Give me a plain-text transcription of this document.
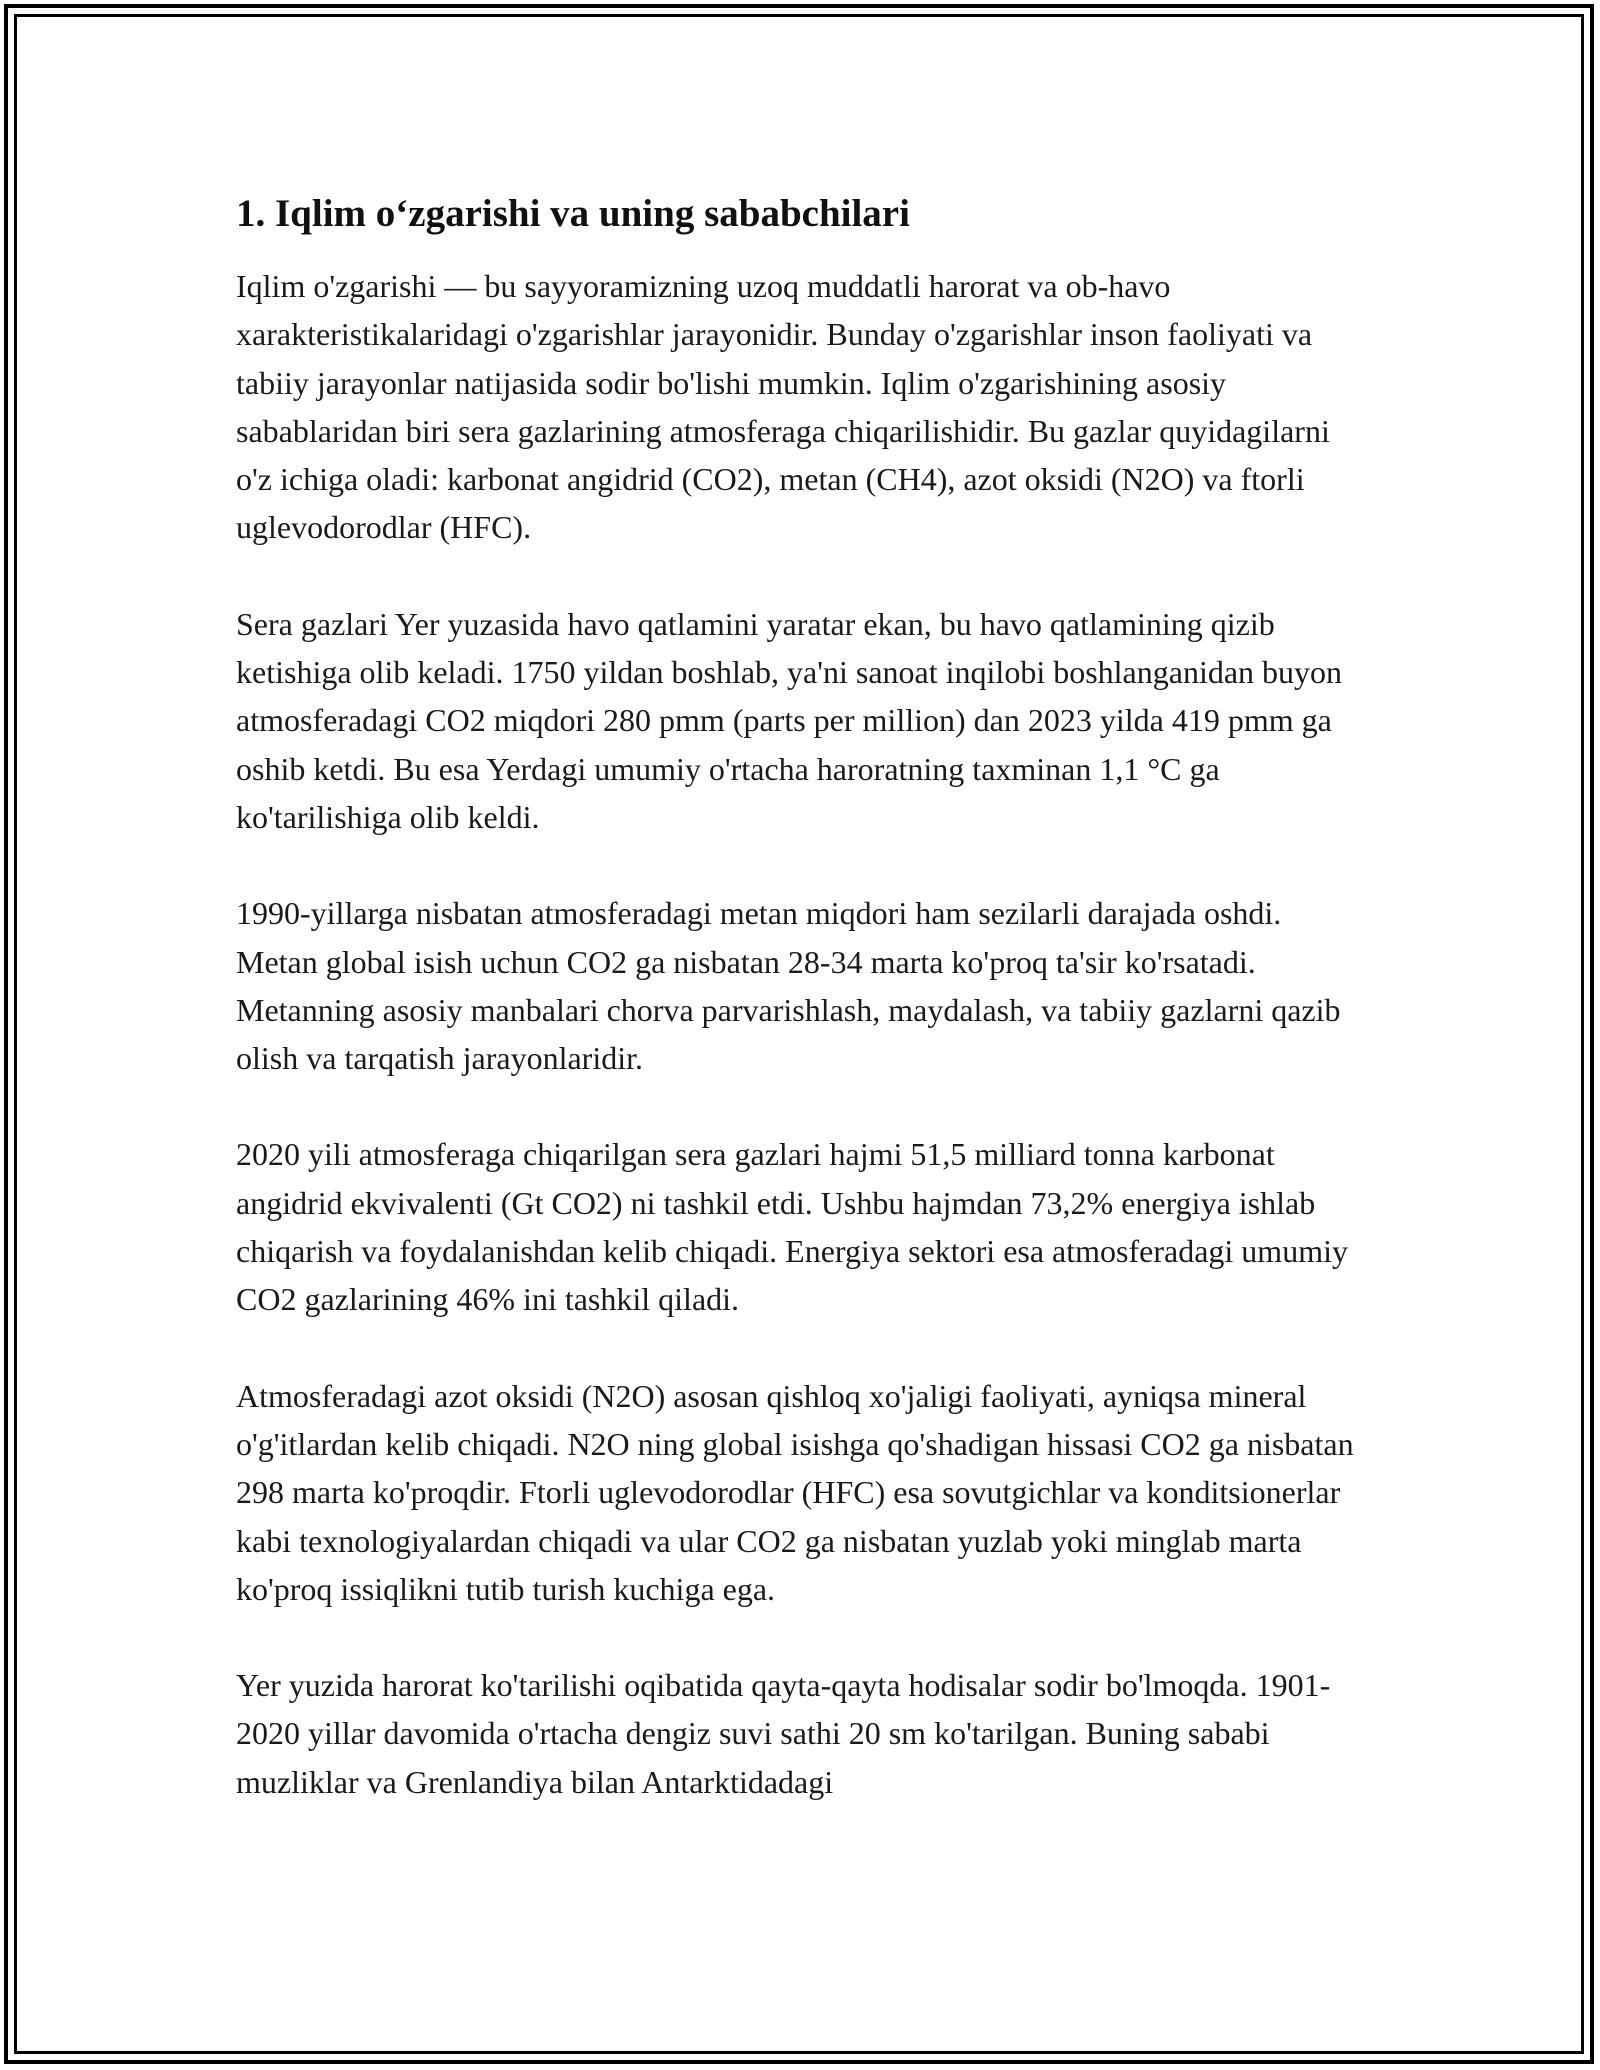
1. Iqlim o‘zgarishi va uning sababchilari

Iqlim o'zgarishi — bu sayyoramizning uzoq muddatli harorat va ob-havo xarakteristikalaridagi o'zgarishlar jarayonidir. Bunday o'zgarishlar inson faoliyati va tabiiy jarayonlar natijasida sodir bo'lishi mumkin. Iqlim o'zgarishining asosiy sabablaridan biri sera gazlarining atmosferaga chiqarilishidir. Bu gazlar quyidagilarni o'z ichiga oladi: karbonat angidrid (CO2), metan (CH4), azot oksidi (N2O) va ftorli uglevodorodlar (HFC).

Sera gazlari Yer yuzasida havo qatlamini yaratar ekan, bu havo qatlamining qizib ketishiga olib keladi. 1750 yildan boshlab, ya'ni sanoat inqilobi boshlanganidan buyon atmosferadagi CO2 miqdori 280 pmm (parts per million) dan 2023 yilda 419 pmm ga oshib ketdi. Bu esa Yerdagi umumiy o'rtacha haroratning taxminan 1,1 °C ga ko'tarilishiga olib keldi.

1990-yillarga nisbatan atmosferadagi metan miqdori ham sezilarli darajada oshdi. Metan global isish uchun CO2 ga nisbatan 28-34 marta ko'proq ta'sir ko'rsatadi. Metanning asosiy manbalari chorva parvarishlash, maydalash, va tabiiy gazlarni qazib olish va tarqatish jarayonlaridir.

2020 yili atmosferaga chiqarilgan sera gazlari hajmi 51,5 milliard tonna karbonat angidrid ekvivalenti (Gt CO2) ni tashkil etdi. Ushbu hajmdan 73,2% energiya ishlab chiqarish va foydalanishdan kelib chiqadi. Energiya sektori esa atmosferadagi umumiy CO2 gazlarining 46% ini tashkil qiladi.

Atmosferadagi azot oksidi (N2O) asosan qishloq xo'jaligi faoliyati, ayniqsa mineral o'g'itlardan kelib chiqadi. N2O ning global isishga qo'shadigan hissasi CO2 ga nisbatan 298 marta ko'proqdir. Ftorli uglevodorodlar (HFC) esa sovutgichlar va konditsionerlar kabi texnologiyalardan chiqadi va ular CO2 ga nisbatan yuzlab yoki minglab marta ko'proq issiqlikni tutib turish kuchiga ega.

Yer yuzida harorat ko'tarilishi oqibatida qayta-qayta hodisalar sodir bo'lmoqda. 1901-2020 yillar davomida o'rtacha dengiz suvi sathi 20 sm ko'tarilgan. Buning sababi muzliklar va Grenlandiya bilan Antarktidadagi
